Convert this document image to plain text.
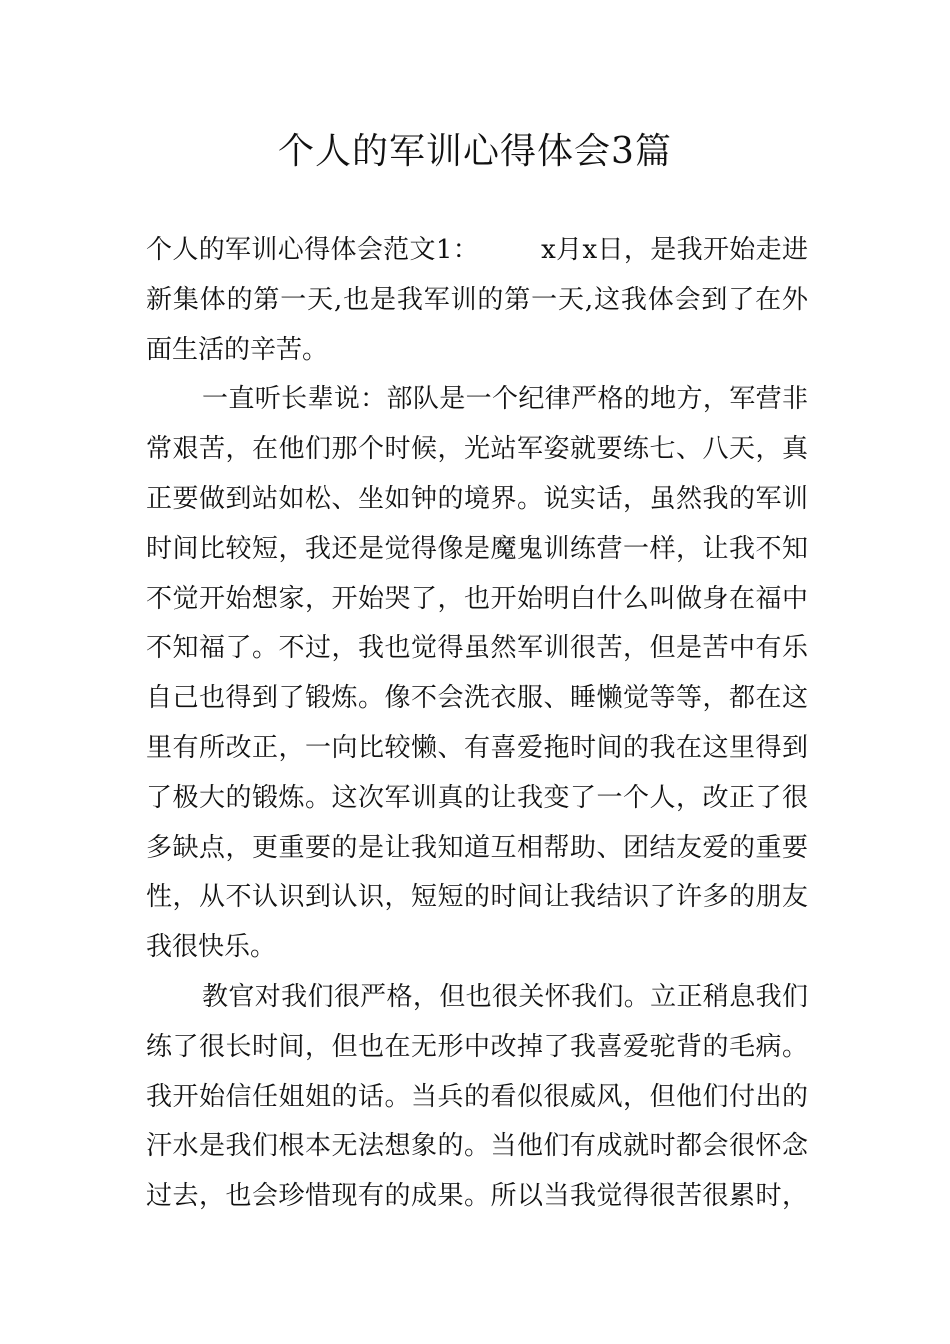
个人的军训心得体会3篇
个人的军训心得体会范文1： x月x日，是我开始走进
新集体的第一天,也是我军训的第一天,这我体会到了在外
面生活的辛苦。
一直听长辈说：部队是一个纪律严格的地方，军营非
常艰苦，在他们那个时候，光站军姿就要练七、八天，真
正要做到站如松、坐如钟的境界。说实话，虽然我的军训
时间比较短，我还是觉得像是魔鬼训练营一样，让我不知
不觉开始想家，开始哭了，也开始明白什么叫做身在福中
不知福了。不过，我也觉得虽然军训很苦，但是苦中有乐
自己也得到了锻炼。像不会洗衣服、睡懒觉等等，都在这
里有所改正，一向比较懒、有喜爱拖时间的我在这里得到
了极大的锻炼。这次军训真的让我变了一个人，改正了很
多缺点，更重要的是让我知道互相帮助、团结友爱的重要
性，从不认识到认识，短短的时间让我结识了许多的朋友
我很快乐。
教官对我们很严格，但也很关怀我们。立正稍息我们
练了很长时间，但也在无形中改掉了我喜爱驼背的毛病。
我开始信任姐姐的话。当兵的看似很威风，但他们付出的
汗水是我们根本无法想象的。当他们有成就时都会很怀念
过去，也会珍惜现有的成果。所以当我觉得很苦很累时，
